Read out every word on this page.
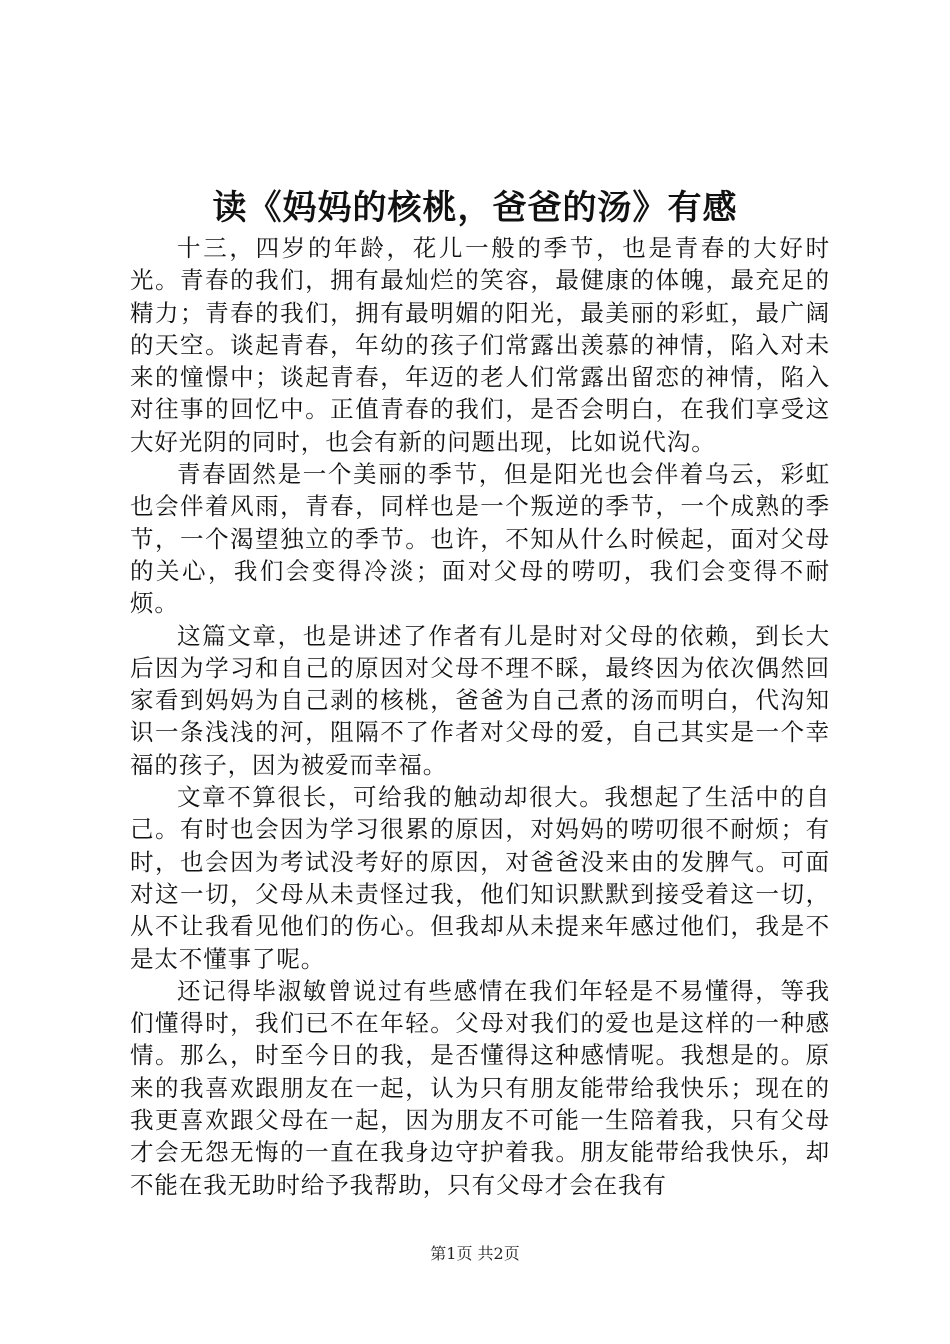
读《妈妈的核桃，爸爸的汤》有感

十三，四岁的年龄，花儿一般的季节，也是青春的大好时光。青春的我们，拥有最灿烂的笑容，最健康的体魄，最充足的精力；青春的我们，拥有最明媚的阳光，最美丽的彩虹，最广阔的天空。谈起青春，年幼的孩子们常露出羡慕的神情，陷入对未来的憧憬中；谈起青春，年迈的老人们常露出留恋的神情，陷入对往事的回忆中。正值青春的我们，是否会明白，在我们享受这大好光阴的同时，也会有新的问题出现，比如说代沟。

青春固然是一个美丽的季节，但是阳光也会伴着乌云，彩虹也会伴着风雨，青春，同样也是一个叛逆的季节，一个成熟的季节，一个渴望独立的季节。也许，不知从什么时候起，面对父母的关心，我们会变得冷淡；面对父母的唠叨，我们会变得不耐烦。

这篇文章，也是讲述了作者有儿是时对父母的依赖，到长大后因为学习和自己的原因对父母不理不睬，最终因为依次偶然回家看到妈妈为自己剥的核桃，爸爸为自己煮的汤而明白，代沟知识一条浅浅的河，阻隔不了作者对父母的爱，自己其实是一个幸福的孩子，因为被爱而幸福。

文章不算很长，可给我的触动却很大。我想起了生活中的自己。有时也会因为学习很累的原因，对妈妈的唠叨很不耐烦；有时，也会因为考试没考好的原因，对爸爸没来由的发脾气。可面对这一切，父母从未责怪过我，他们知识默默到接受着这一切，从不让我看见他们的伤心。但我却从未提来年感过他们，我是不是太不懂事了呢。

还记得毕淑敏曾说过有些感情在我们年轻是不易懂得，等我们懂得时，我们已不在年轻。父母对我们的爱也是这样的一种感情。那么，时至今日的我，是否懂得这种感情呢。我想是的。原来的我喜欢跟朋友在一起，认为只有朋友能带给我快乐；现在的我更喜欢跟父母在一起，因为朋友不可能一生陪着我，只有父母才会无怨无悔的一直在我身边守护着我。朋友能带给我快乐，却不能在我无助时给予我帮助，只有父母才会在我有

第1页 共2页
